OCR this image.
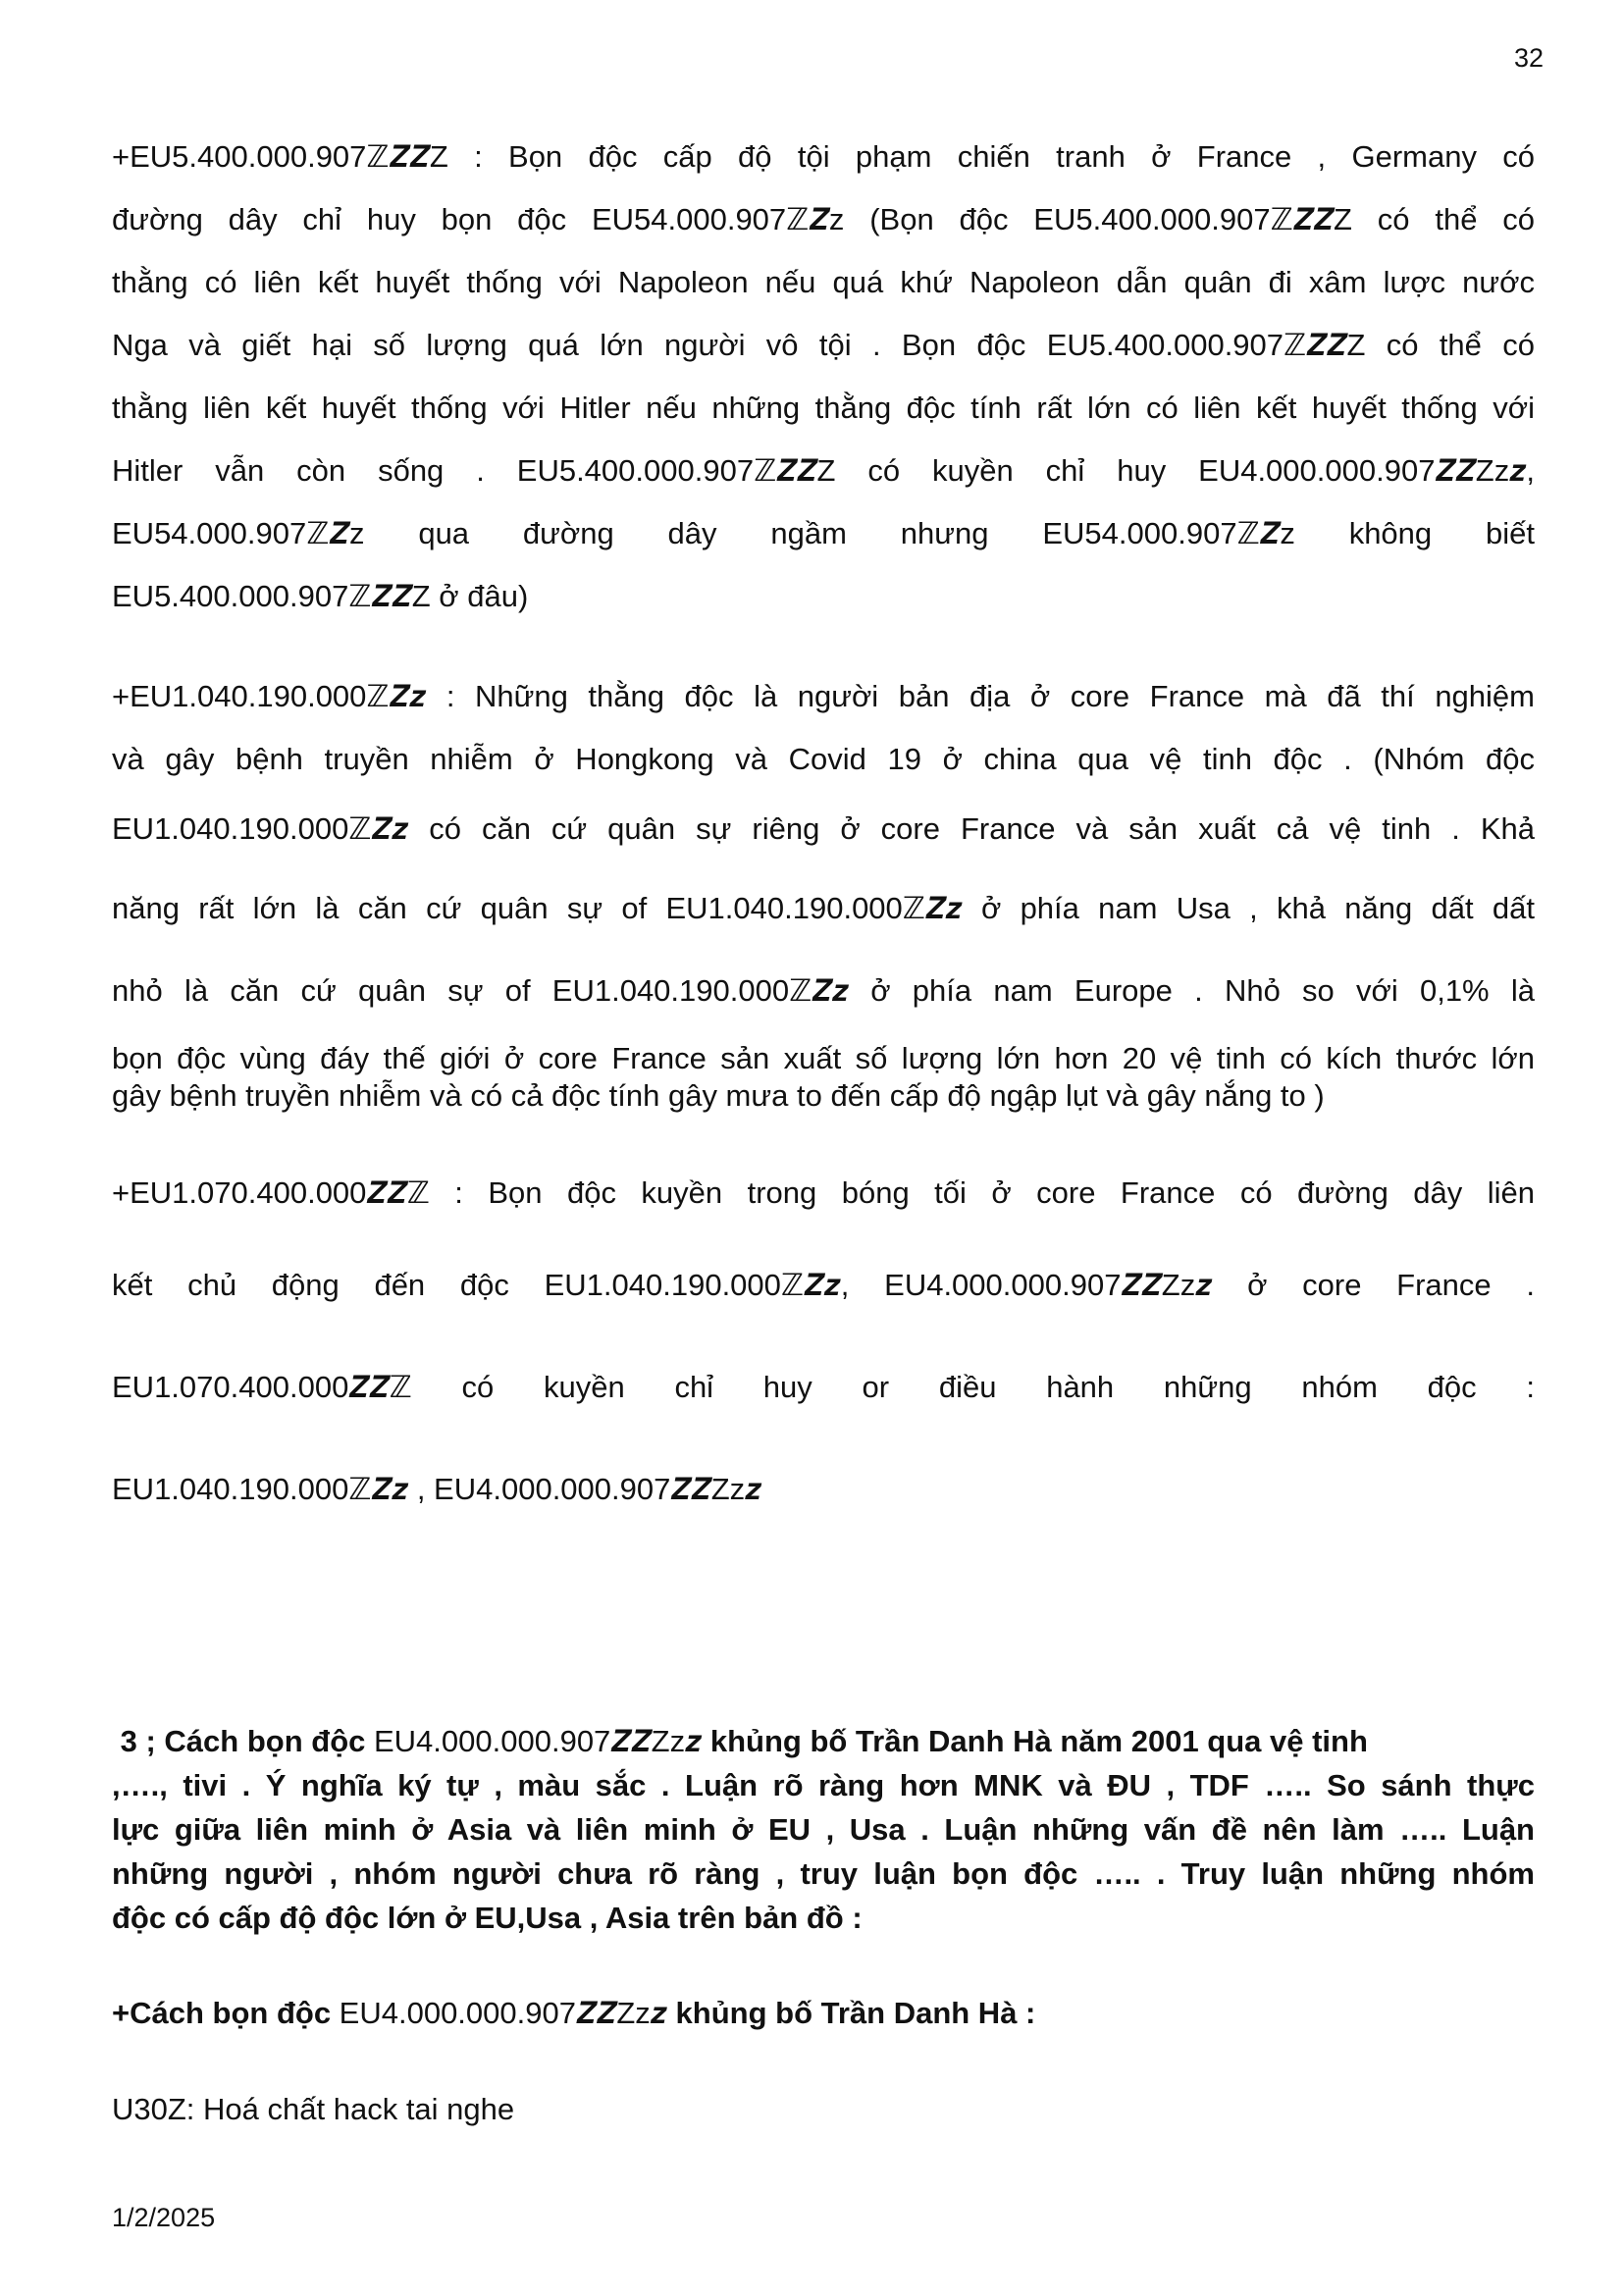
32
+EU5.400.000.907ℤ𝒁𝒁Z : Bọn độc cấp độ tội phạm chiến tranh ở France , Germany có
đường dây chỉ huy bọn độc EU54.000.907ℤ𝒁z (Bọn độc EU5.400.000.907ℤ𝒁𝒁Z có thể có
thằng có liên kết huyết thống với Napoleon nếu quá khứ Napoleon dẫn quân đi xâm lược nước
Nga và giết hại số lượng quá lớn người vô tội . Bọn độc EU5.400.000.907ℤ𝒁𝒁Z có thể có
thằng liên kết huyết thống với Hitler nếu những thằng độc tính rất lớn có liên kết huyết thống với
Hitler vẫn còn sống . EU5.400.000.907ℤ𝒁𝒁Z có kuyền chỉ huy EU4.000.000.907𝒁𝒁Zz𝒛,
EU54.000.907ℤ𝒁z qua đường dây ngầm nhưng EU54.000.907ℤ𝒁z không biết
EU5.400.000.907ℤ𝒁𝒁Z ở đâu)
+EU1.040.190.000ℤ𝒁𝒛 : Những thằng độc là người bản địa ở core France mà đã thí nghiệm
và gây bệnh truyền nhiễm ở Hongkong và Covid 19 ở china qua vệ tinh độc . (Nhóm độc
EU1.040.190.000ℤ𝒁𝒛 có căn cứ quân sự riêng ở core France và sản xuất cả vệ tinh . Khả
năng rất lớn là căn cứ quân sự of EU1.040.190.000ℤ𝒁𝒛 ở phía nam Usa , khả năng dất dất
nhỏ là căn cứ quân sự of EU1.040.190.000ℤ𝒁𝒛 ở phía nam Europe . Nhỏ so với 0,1% là
bọn độc vùng đáy thế giới ở core France sản xuất số lượng lớn hơn 20 vệ tinh có kích thước lớn
gây bệnh truyền nhiễm và có cả độc tính gây mưa to đến cấp độ ngập lụt và gây nắng to )
+EU1.070.400.000𝒁𝒁ℤ : Bọn độc kuyền trong bóng tối ở core France có đường dây liên
kết chủ động đến độc EU1.040.190.000ℤ𝒁𝒛, EU4.000.000.907𝒁𝒁Zz𝒛 ở core France .
EU1.070.400.000𝒁𝒁ℤ có kuyền chỉ huy or điều hành những nhóm độc :
EU1.040.190.000ℤ𝒁𝒛 , EU4.000.000.907𝒁𝒁Zz𝒛
3 ; Cách bọn độc EU4.000.000.907𝒁𝒁Zz𝒛 khủng bố Trần Danh Hà năm 2001 qua vệ tinh
,…., tivi . Ý nghĩa ký tự , màu sắc . Luận rõ ràng hơn MNK và ĐU , TDF ….. So sánh thực
lực giữa liên minh ở Asia và liên minh ở EU , Usa . Luận những vấn đề nên làm ….. Luận
những người , nhóm người chưa rõ ràng , truy luận bọn độc ….. . Truy luận những nhóm
độc có cấp độ độc lớn ở EU,Usa , Asia trên bản đồ :
+Cách bọn độc EU4.000.000.907𝒁𝒁Zz𝒛 khủng bố Trần Danh Hà :
U30Z: Hoá chất hack tai nghe
1/2/2025
